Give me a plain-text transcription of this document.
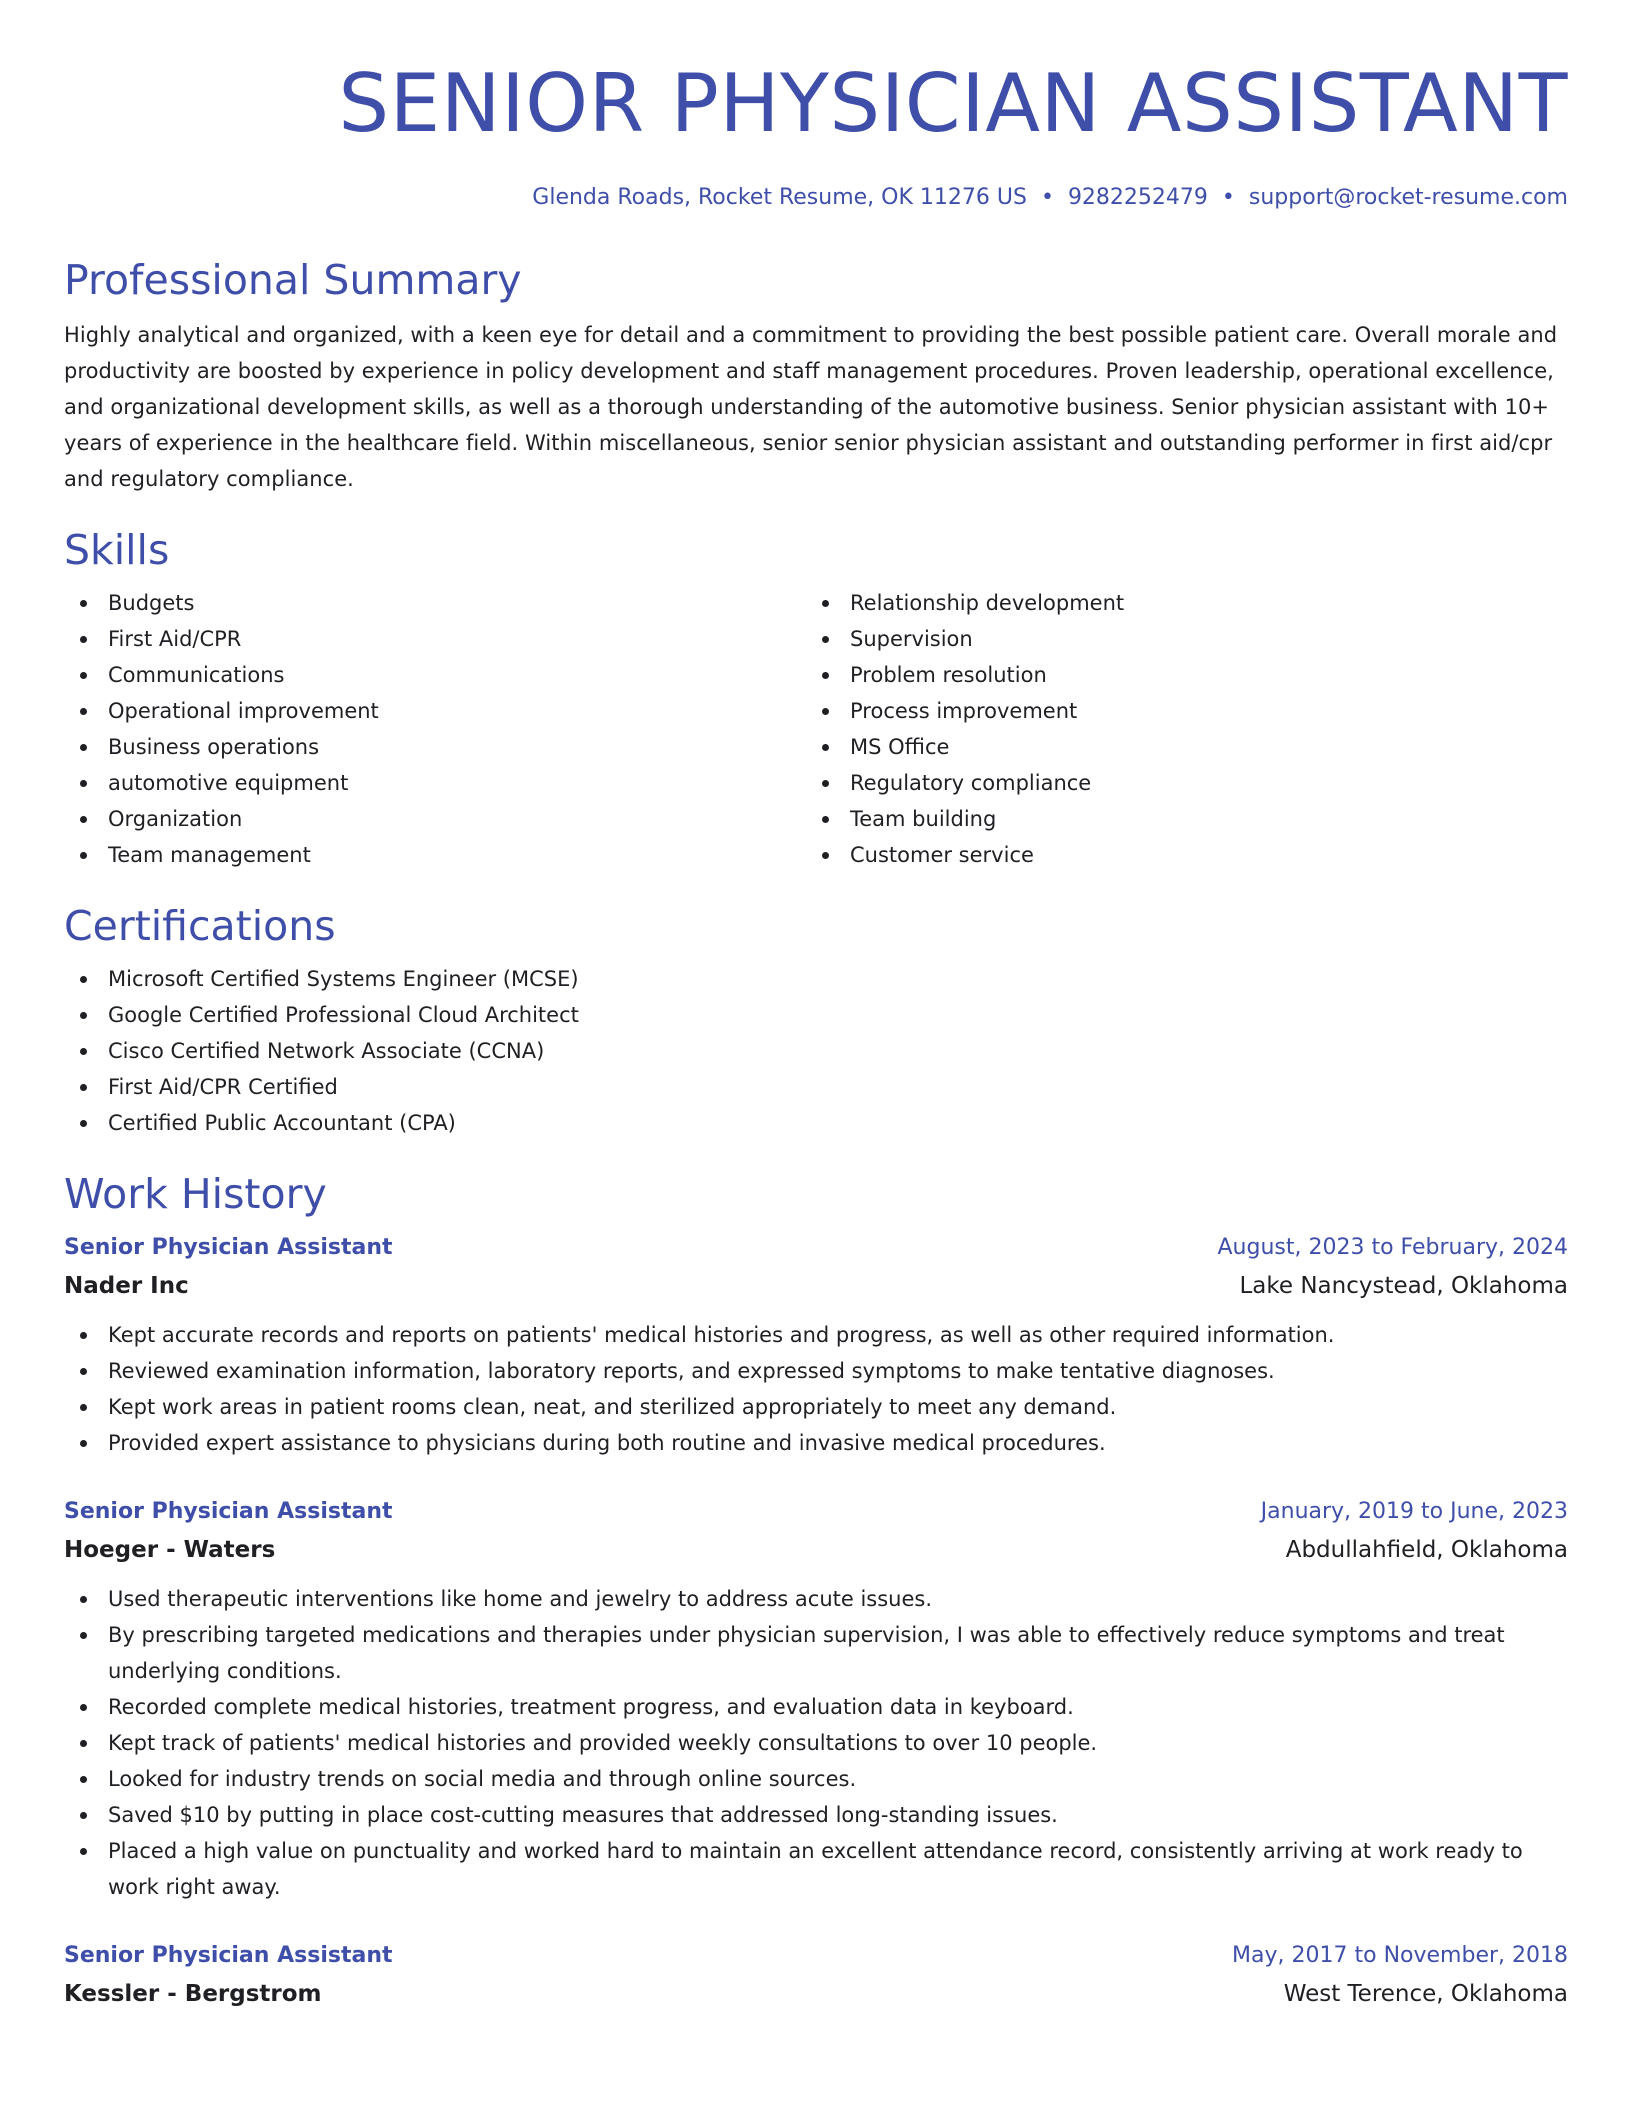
SENIOR PHYSICIAN ASSISTANT
Glenda Roads, Rocket Resume, OK 11276 US • 9282252479 • support@rocket-resume.com
Professional Summary
Highly analytical and organized, with a keen eye for detail and a commitment to providing the best possible patient care. Overall morale and productivity are boosted by experience in policy development and staff management procedures. Proven leadership, operational excellence, and organizational development skills, as well as a thorough understanding of the automotive business. Senior physician assistant with 10+ years of experience in the healthcare field. Within miscellaneous, senior senior physician assistant and outstanding performer in first aid/cpr and regulatory compliance.
Skills
Budgets
First Aid/CPR
Communications
Operational improvement
Business operations
automotive equipment
Organization
Team management
Relationship development
Supervision
Problem resolution
Process improvement
MS Office
Regulatory compliance
Team building
Customer service
Certifications
Microsoft Certified Systems Engineer (MCSE)
Google Certified Professional Cloud Architect
Cisco Certified Network Associate (CCNA)
First Aid/CPR Certified
Certified Public Accountant (CPA)
Work History
Senior Physician Assistant	August, 2023 to February, 2024
Nader Inc	Lake Nancystead, Oklahoma
Kept accurate records and reports on patients' medical histories and progress, as well as other required information.
Reviewed examination information, laboratory reports, and expressed symptoms to make tentative diagnoses.
Kept work areas in patient rooms clean, neat, and sterilized appropriately to meet any demand.
Provided expert assistance to physicians during both routine and invasive medical procedures.
Senior Physician Assistant	January, 2019 to June, 2023
Hoeger - Waters	Abdullahfield, Oklahoma
Used therapeutic interventions like home and jewelry to address acute issues.
By prescribing targeted medications and therapies under physician supervision, I was able to effectively reduce symptoms and treat underlying conditions.
Recorded complete medical histories, treatment progress, and evaluation data in keyboard.
Kept track of patients' medical histories and provided weekly consultations to over 10 people.
Looked for industry trends on social media and through online sources.
Saved $10 by putting in place cost-cutting measures that addressed long-standing issues.
Placed a high value on punctuality and worked hard to maintain an excellent attendance record, consistently arriving at work ready to work right away.
Senior Physician Assistant	May, 2017 to November, 2018
Kessler - Bergstrom	West Terence, Oklahoma
